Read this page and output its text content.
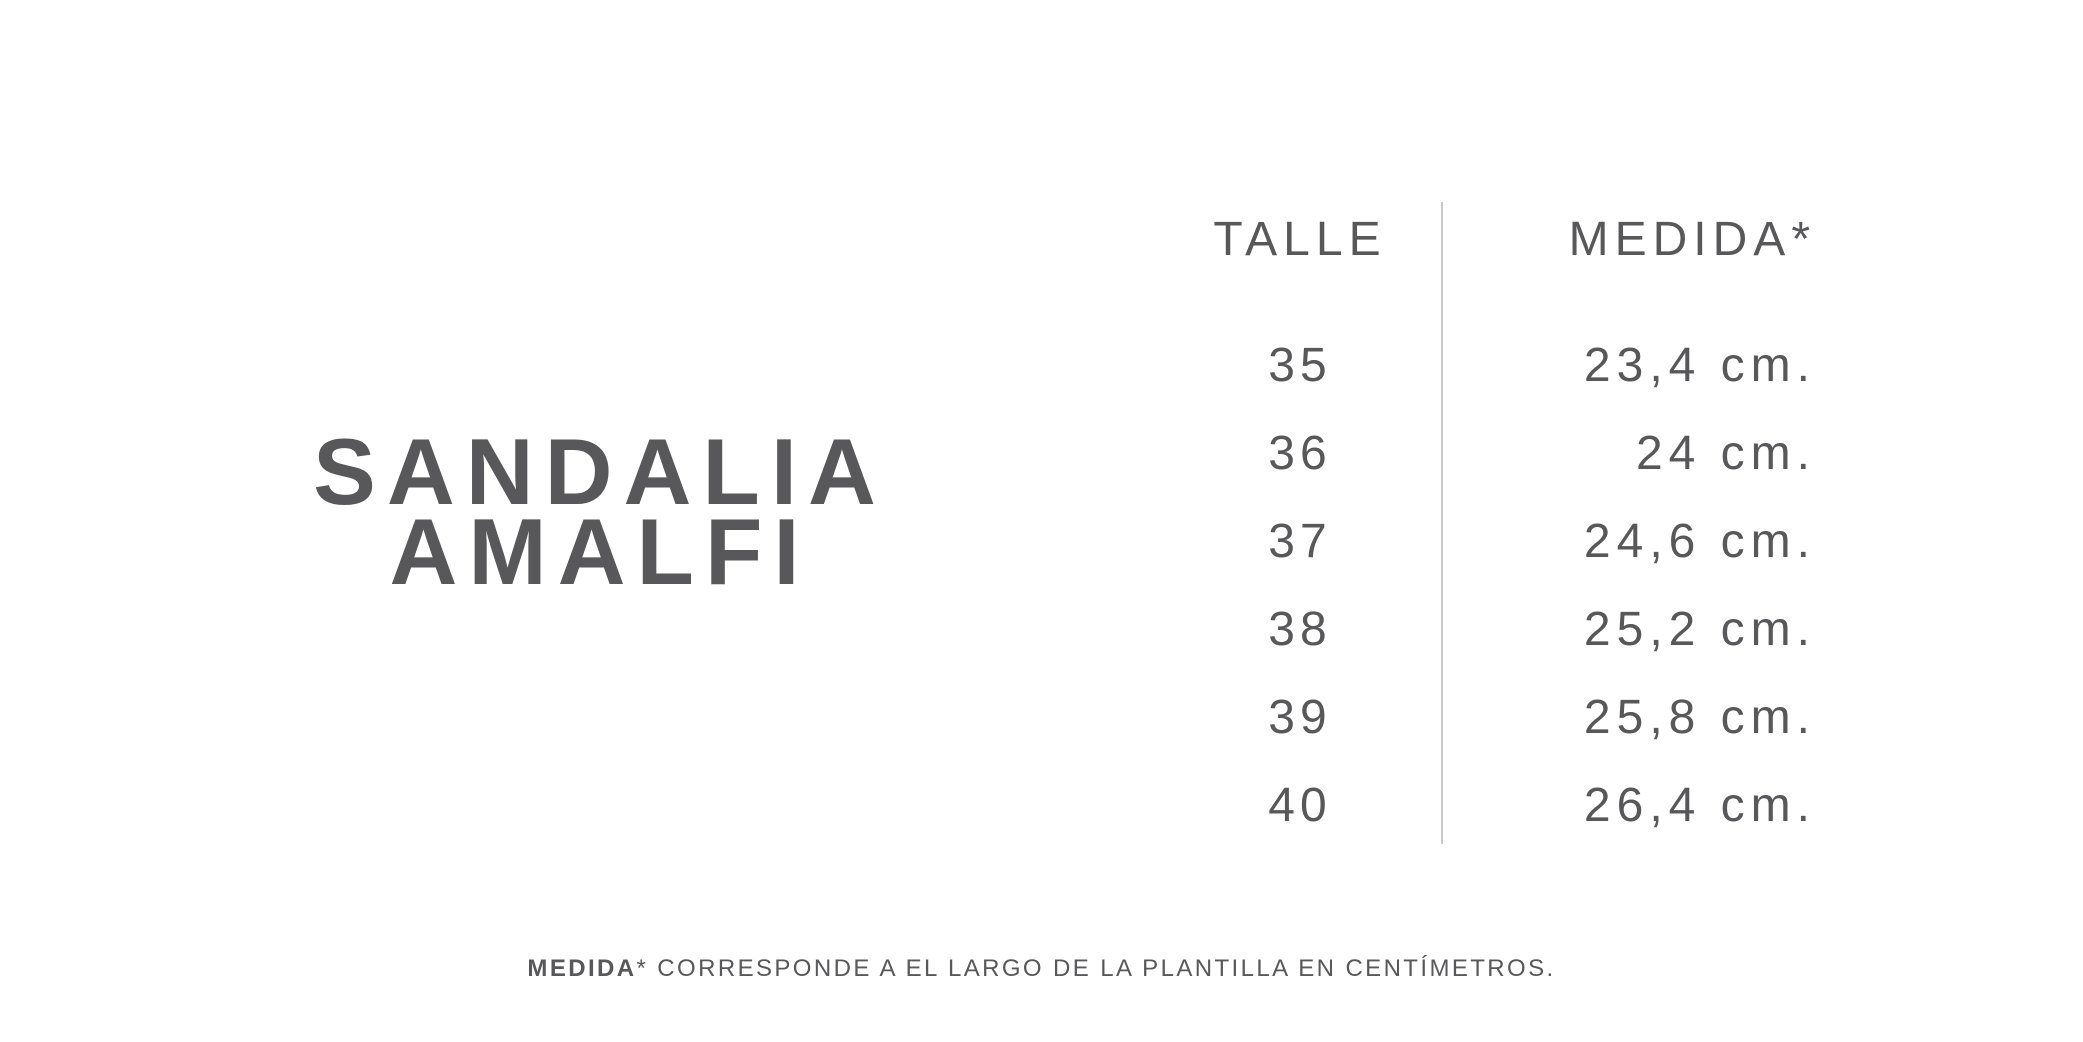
SANDALIA
AMALFI
TALLE	MEDIDA*
35	23,4 cm.
36	24 cm.
37	24,6 cm.
38	25,2 cm.
39	25,8 cm.
40	26,4 cm.
MEDIDA* CORRESPONDE A EL LARGO DE LA PLANTILLA EN CENTÍMETROS.
